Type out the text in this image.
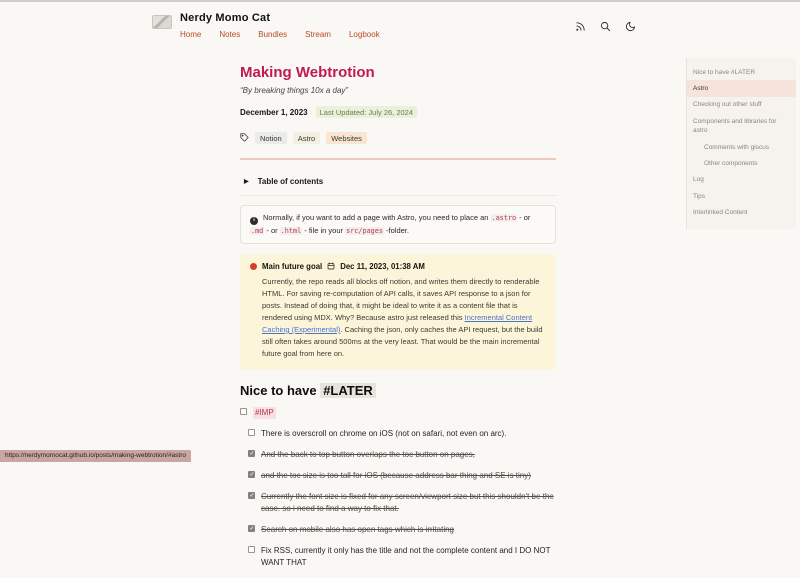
Nerdy Momo Cat
Home Notes Bundles Stream Logbook
Making Webtrotion

“By breaking things 10x a day”

December 1, 2023	Last Updated: July 26, 2024
Notion	Astro	Websites
▶ Table of contents
i Normally, if you want to add a page with Astro, you need to place an .astro - or .md - or .html - file in your src/pages -folder.
Main future goal Dec 11, 2023, 01:38 AM
Currently, the repo reads all blocks off notion, and writes them directly to renderable HTML. For saving re-computation of API calls, it saves API response to a json for posts. Instead of doing that, it might be ideal to write it as a content file that is rendered using MDX. Why? Because astro just released this Incremental Content Caching (Experimental). Caching the json, only caches the API request, but the build still often takes around 500ms at the very least. That would be the main incremental future goal from here on.
Nice to have #LATER
#IMP
There is overscroll on chrome on iOS (not on safari, not even on arc).
✓
And the back to top button overlaps the toc button on pages,
✓
and the toc size is too tall for iOS (because address bar thing and SE is tiny)
✓
Currently the font size is fixed for any screen/viewport size but this shouldn't be the case. so i need to find a way to fix that.
✓
Search on mobile also has open tags which is irritating
Fix RSS, currently it only has the title and not the complete content and I DO NOT WANT THAT
Nice to have #LATER
Astro
Checking out other stuff
Components and libraries for astro
Comments with giscus
Other components
Log
Tips
Interlinked Content
https://nerdymomocat.github.io/posts/making-webtrotion/#astro
